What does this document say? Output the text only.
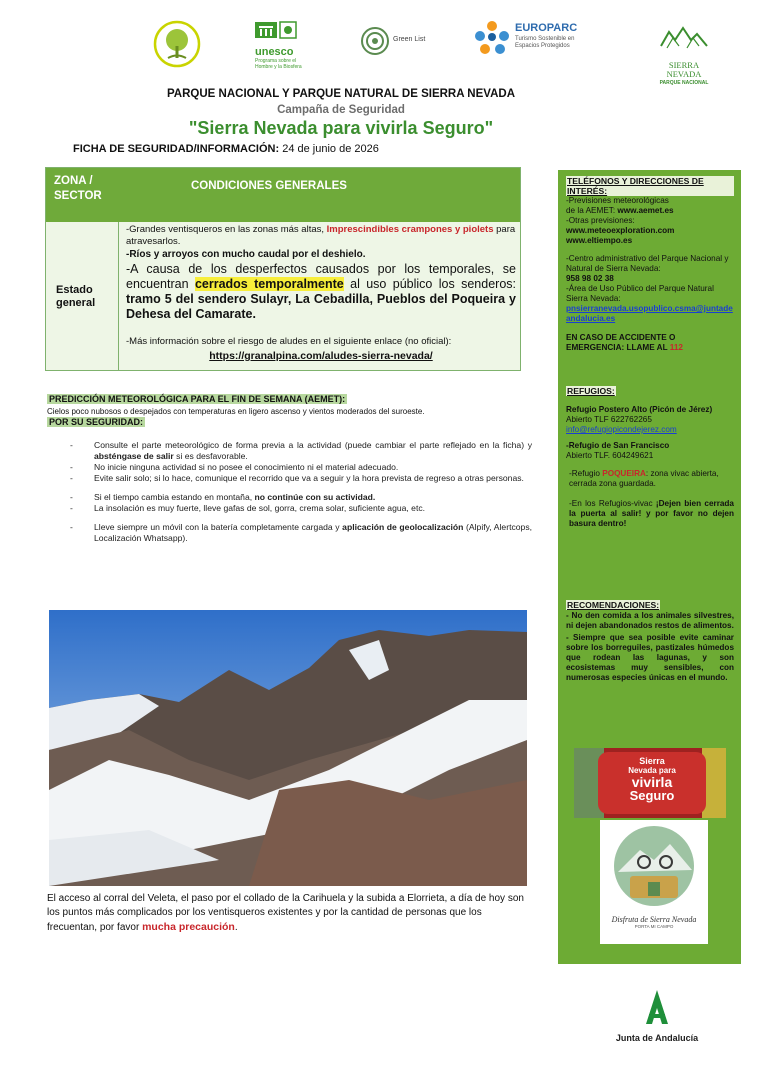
unesco
Programa sobre el Hombre y la Biosfera
Green List
EUROPARC
Turismo Sostenible en
Espacios Protegidos
SIERRA
NEVADA
PARQUE NACIONAL
PARQUE NACIONAL Y PARQUE NATURAL DE SIERRA NEVADA
Campaña de Seguridad
"Sierra Nevada para vivirla Seguro"
FICHA DE SEGURIDAD/INFORMACIÓN: 24 de junio de 2026
ZONA /
SECTOR
CONDICIONES GENERALES
Estado
general
-Grandes ventisqueros en las zonas más altas, Imprescindibles crampones y piolets para atravesarlos.
-Ríos y arroyos con mucho caudal por el deshielo.
-A causa de los desperfectos causados por los temporales, se encuentran cerrados temporalmente al uso público los senderos: tramo 5 del sendero Sulayr, La Cebadilla, Pueblos del Poqueira y Dehesa del Camarate.
-Más información sobre el riesgo de aludes en el siguiente enlace (no oficial):
https://granalpina.com/aludes-sierra-nevada/
PREDICCIÓN METEOROLÓGICA PARA EL FIN DE SEMANA (AEMET):
Cielos poco nubosos o despejados con temperaturas en ligero ascenso y vientos moderados del suroeste.
POR SU SEGURIDAD:
- Consulte el parte meteorológico de forma previa a la actividad (puede cambiar el parte reflejado en la ficha) y absténgase de salir si es desfavorable.
- No inicie ninguna actividad si no posee el conocimiento ni el material adecuado.
- Evite salir solo; si lo hace, comunique el recorrido que va a seguir y la hora prevista de regreso a otras personas.
- Si el tiempo cambia estando en montaña, no continúe con su actividad.
- La insolación es muy fuerte, lleve gafas de sol, gorra, crema solar, suficiente agua, etc.
- Lleve siempre un móvil con la batería completamente cargada y aplicación de geolocalización (Alpify, Alertcops, Localización Whatsapp).
El acceso al corral del Veleta, el paso por el collado de la Carihuela y la subida a Elorrieta, a día de hoy son los puntos más complicados por los ventisqueros existentes y por la cantidad de personas que los frecuentan, por favor mucha precaución.
TELÉFONOS Y DIRECCIONES DE INTERÉS:
-Previsiones meteorológicas
de la AEMET: www.aemet.es
-Otras previsiones:
www.meteoexploration.com
www.eltiempo.es
-Centro administrativo del Parque Nacional y Natural de Sierra Nevada:
958 98 02 38
-Área de Uso Público del Parque Natural Sierra Nevada:
pnsierranevada.usopublico.csma@juntadeandalucia.es
EN CASO DE ACCIDENTE O EMERGENCIA: LLAME AL 112
REFUGIOS:
Refugio Postero Alto (Picón de Jérez)
Abierto TLF 622762265
info@refugiopicondejerez.com
-Refugio de San Francisco
Abierto TLF. 604249621
-Refugio POQUEIRA: zona vivac abierta, cerrada zona guardada.
-En los Refugios-vivac ¡Dejen bien cerrada la puerta al salir! y por favor no dejen basura dentro!
RECOMENDACIONES:
- No den comida a los animales silvestres, ni dejen abandonados restos de alimentos.
- Siempre que sea posible evite caminar sobre los borreguiles, pastizales húmedos que rodean las lagunas, y son ecosistemas muy sensibles, con numerosas especies únicas en el mundo.
Sierra
Nevada para
vivirla
Seguro
Disfruta de Sierra Nevada
PORTA MI CAMPO
Junta de Andalucía
